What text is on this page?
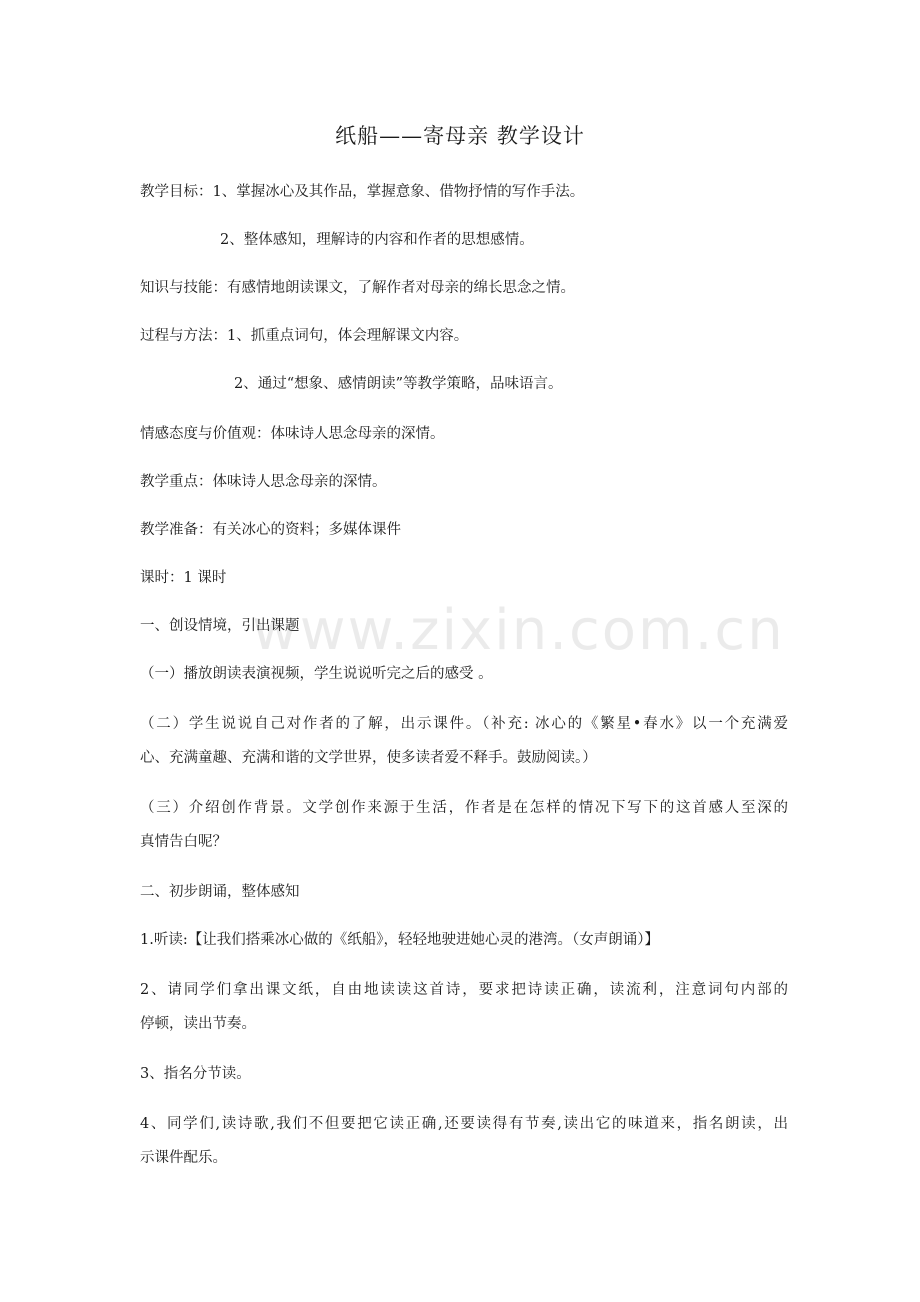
纸船——寄母亲 教学设计
www.zixin.com.cn
教学目标：1、掌握冰心及其作品，掌握意象、借物抒情的写作手法。
2、整体感知，理解诗的内容和作者的思想感情。
知识与技能：有感情地朗读课文，了解作者对母亲的绵长思念之情。
过程与方法：1、抓重点词句，体会理解课文内容。
2、通过“想象、感情朗读”等教学策略，品味语言。
情感态度与价值观：体味诗人思念母亲的深情。
教学重点：体味诗人思念母亲的深情。
教学准备：有关冰心的资料；多媒体课件
课时：1 课时
一、创设情境，引出课题
（一）播放朗读表演视频，学生说说听完之后的感受 。
（二）学生说说自己对作者的了解，出示课件。（补充: 冰心的《繁星•春水》以一个充满爱
心、充满童趣、充满和谐的文学世界，使多读者爱不释手。鼓励阅读。）
（三）介绍创作背景。文学创作来源于生活，作者是在怎样的情况下写下的这首感人至深的
真情告白呢？
二、初步朗诵，整体感知
1.听读:【让我们搭乘冰心做的《纸船》，轻轻地驶进她心灵的港湾。（女声朗诵）】
2、请同学们拿出课文纸，自由地读读这首诗，要求把诗读正确，读流利，注意词句内部的
停顿，读出节奏。
3、指名分节读。
4、同学们,读诗歌,我们不但要把它读正确,还要读得有节奏,读出它的味道来，指名朗读，出
示课件配乐。
